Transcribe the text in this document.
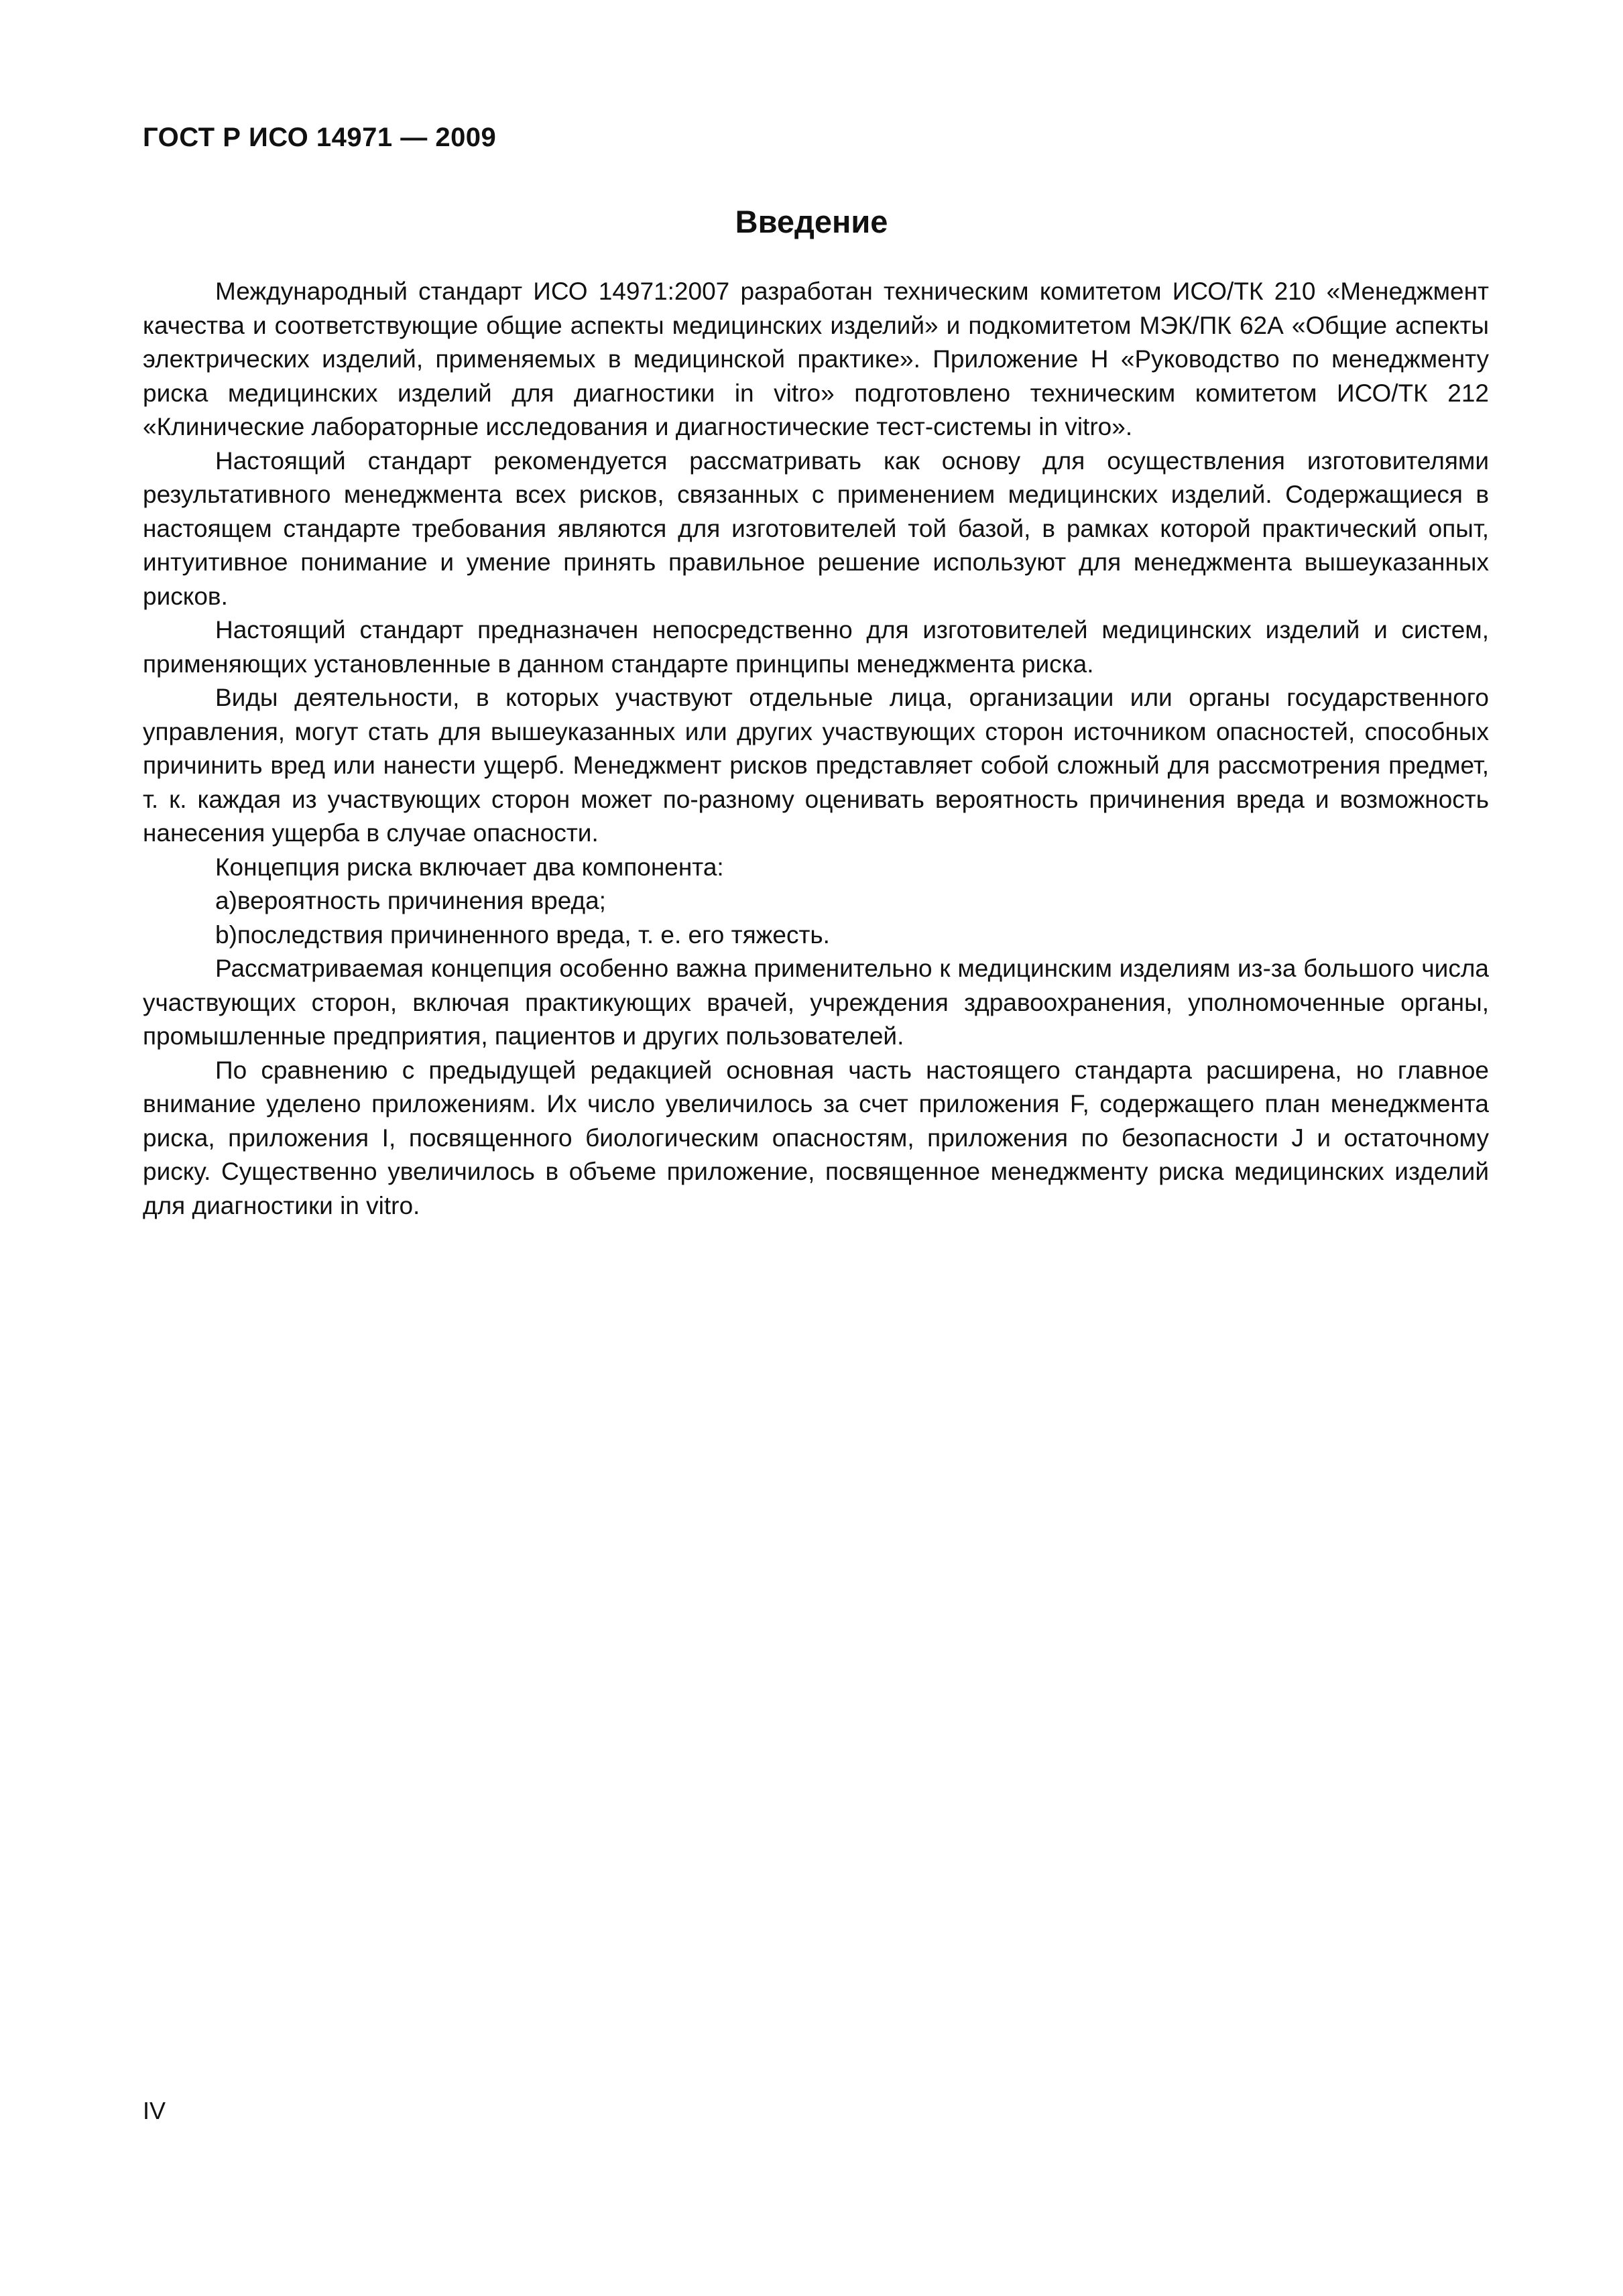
ГОСТ Р ИСО 14971 — 2009

Введение

Международный стандарт ИСО 14971:2007 разработан техническим комитетом ИСО/ТК 210 «Менеджмент качества и соответствующие общие аспекты медицинских изделий» и подкомитетом МЭК/ПК 62А «Общие аспекты электрических изделий, применяемых в медицинской практике». Приложение Н «Руководство по менеджменту риска медицинских изделий для диагностики in vitro» подготовлено техническим комитетом ИСО/ТК 212 «Клинические лабораторные исследования и диагностические тест-системы in vitro».

Настоящий стандарт рекомендуется рассматривать как основу для осуществления изготовителями результативного менеджмента всех рисков, связанных с применением медицинских изделий. Содержащиеся в настоящем стандарте требования являются для изготовителей той базой, в рамках которой практический опыт, интуитивное понимание и умение принять правильное решение используют для менеджмента вышеуказанных рисков.

Настоящий стандарт предназначен непосредственно для изготовителей медицинских изделий и систем, применяющих установленные в данном стандарте принципы менеджмента риска.

Виды деятельности, в которых участвуют отдельные лица, организации или органы государственного управления, могут стать для вышеуказанных или других участвующих сторон источником опасностей, способных причинить вред или нанести ущерб. Менеджмент рисков представляет собой сложный для рассмотрения предмет, т. к. каждая из участвующих сторон может по-разному оценивать вероятность причинения вреда и возможность нанесения ущерба в случае опасности.

Концепция риска включает два компонента:

a)вероятность причинения вреда;

b)последствия причиненного вреда, т. е. его тяжесть.

Рассматриваемая концепция особенно важна применительно к медицинским изделиям из-за большого числа участвующих сторон, включая практикующих врачей, учреждения здравоохранения, уполномоченные органы, промышленные предприятия, пациентов и других пользователей.

По сравнению с предыдущей редакцией основная часть настоящего стандарта расширена, но главное внимание уделено приложениям. Их число увеличилось за счет приложения F, содержащего план менеджмента риска, приложения I, посвященного биологическим опасностям, приложения по безопасности J и остаточному риску. Существенно увеличилось в объеме приложение, посвященное менеджменту риска медицинских изделий для диагностики in vitro.

IV
